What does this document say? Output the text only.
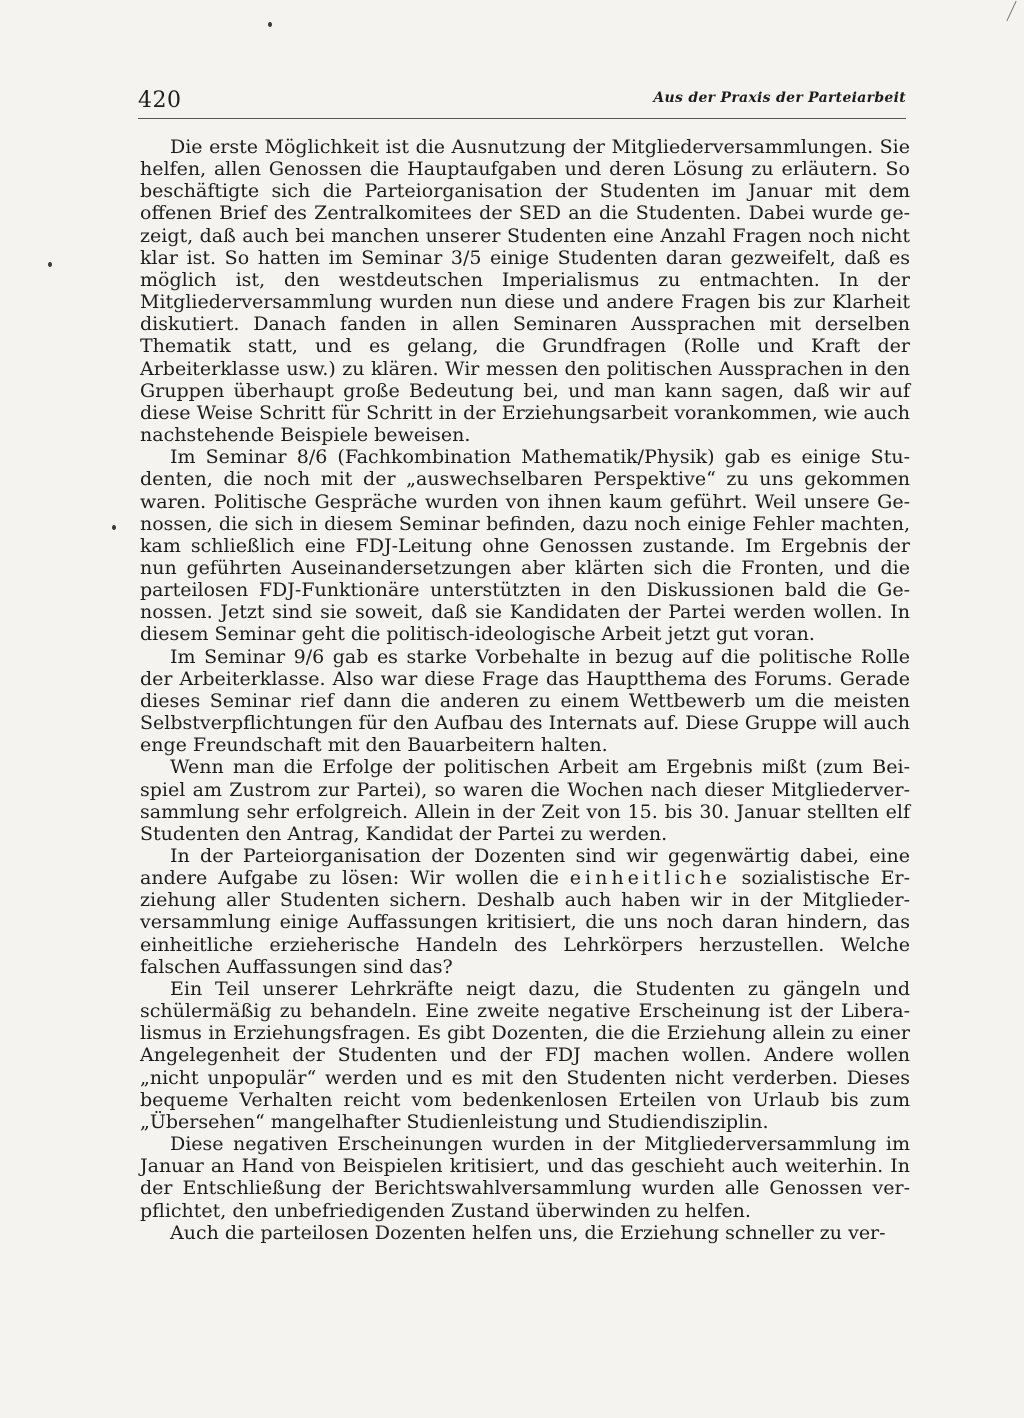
420	Aus der Praxis der Parteiarbeit

Die erste Möglichkeit ist die Ausnutzung der Mitgliederversammlungen. Sie helfen, allen Genossen die Hauptaufgaben und deren Lösung zu erläutern. So beschäftigte sich die Parteiorganisation der Studenten im Januar mit dem offenen Brief des Zentralkomitees der SED an die Studenten. Dabei wurde gezeigt, daß auch bei manchen unserer Studenten eine Anzahl Fragen noch nicht klar ist. So hatten im Seminar 3/5 einige Studenten daran gezweifelt, daß es möglich ist, den westdeutschen Imperialismus zu entmachten. In der Mitgliederversammlung wurden nun diese und andere Fragen bis zur Klarheit diskutiert. Danach fanden in allen Seminaren Aussprachen mit derselben Thematik statt, und es gelang, die Grundfragen (Rolle und Kraft der Arbeiterklasse usw.) zu klären. Wir messen den politischen Aussprachen in den Gruppen überhaupt große Bedeutung bei, und man kann sagen, daß wir auf diese Weise Schritt für Schritt in der Erziehungsarbeit vorankommen, wie auch nachstehende Beispiele beweisen.

Im Seminar 8/6 (Fachkombination Mathematik/Physik) gab es einige Studenten, die noch mit der „auswechselbaren Perspektive“ zu uns gekommen waren. Politische Gespräche wurden von ihnen kaum geführt. Weil unsere Genossen, die sich in diesem Seminar befinden, dazu noch einige Fehler machten, kam schließlich eine FDJ-Leitung ohne Genossen zustande. Im Ergebnis der nun geführten Auseinandersetzungen aber klärten sich die Fronten, und die parteilosen FDJ-Funktionäre unterstützten in den Diskussionen bald die Genossen. Jetzt sind sie soweit, daß sie Kandidaten der Partei werden wollen. In diesem Seminar geht die politisch-ideologische Arbeit jetzt gut voran.

Im Seminar 9/6 gab es starke Vorbehalte in bezug auf die politische Rolle der Arbeiterklasse. Also war diese Frage das Hauptthema des Forums. Gerade dieses Seminar rief dann die anderen zu einem Wettbewerb um die meisten Selbstverpflichtungen für den Aufbau des Internats auf. Diese Gruppe will auch enge Freundschaft mit den Bauarbeitern halten.

Wenn man die Erfolge der politischen Arbeit am Ergebnis mißt (zum Beispiel am Zustrom zur Partei), so waren die Wochen nach dieser Mitgliederversammlung sehr erfolgreich. Allein in der Zeit von 15. bis 30. Januar stellten elf Studenten den Antrag, Kandidat der Partei zu werden.

In der Parteiorganisation der Dozenten sind wir gegenwärtig dabei, eine andere Aufgabe zu lösen: Wir wollen die einheitliche sozialistische Erziehung aller Studenten sichern. Deshalb auch haben wir in der Mitgliederversammlung einige Auffassungen kritisiert, die uns noch daran hindern, das einheitliche erzieherische Handeln des Lehrkörpers herzustellen. Welche falschen Auffassungen sind das?

Ein Teil unserer Lehrkräfte neigt dazu, die Studenten zu gängeln und schülermäßig zu behandeln. Eine zweite negative Erscheinung ist der Liberalismus in Erziehungsfragen. Es gibt Dozenten, die die Erziehung allein zu einer Angelegenheit der Studenten und der FDJ machen wollen. Andere wollen „nicht unpopulär“ werden und es mit den Studenten nicht verderben. Dieses bequeme Verhalten reicht vom bedenkenlosen Erteilen von Urlaub bis zum „Übersehen“ mangelhafter Studienleistung und Studiendisziplin.

Diese negativen Erscheinungen wurden in der Mitgliederversammlung im Januar an Hand von Beispielen kritisiert, und das geschieht auch weiterhin. In der Entschließung der Berichtswahlversammlung wurden alle Genossen verpflichtet, den unbefriedigenden Zustand überwinden zu helfen.

Auch die parteilosen Dozenten helfen uns, die Erziehung schneller zu ver-
